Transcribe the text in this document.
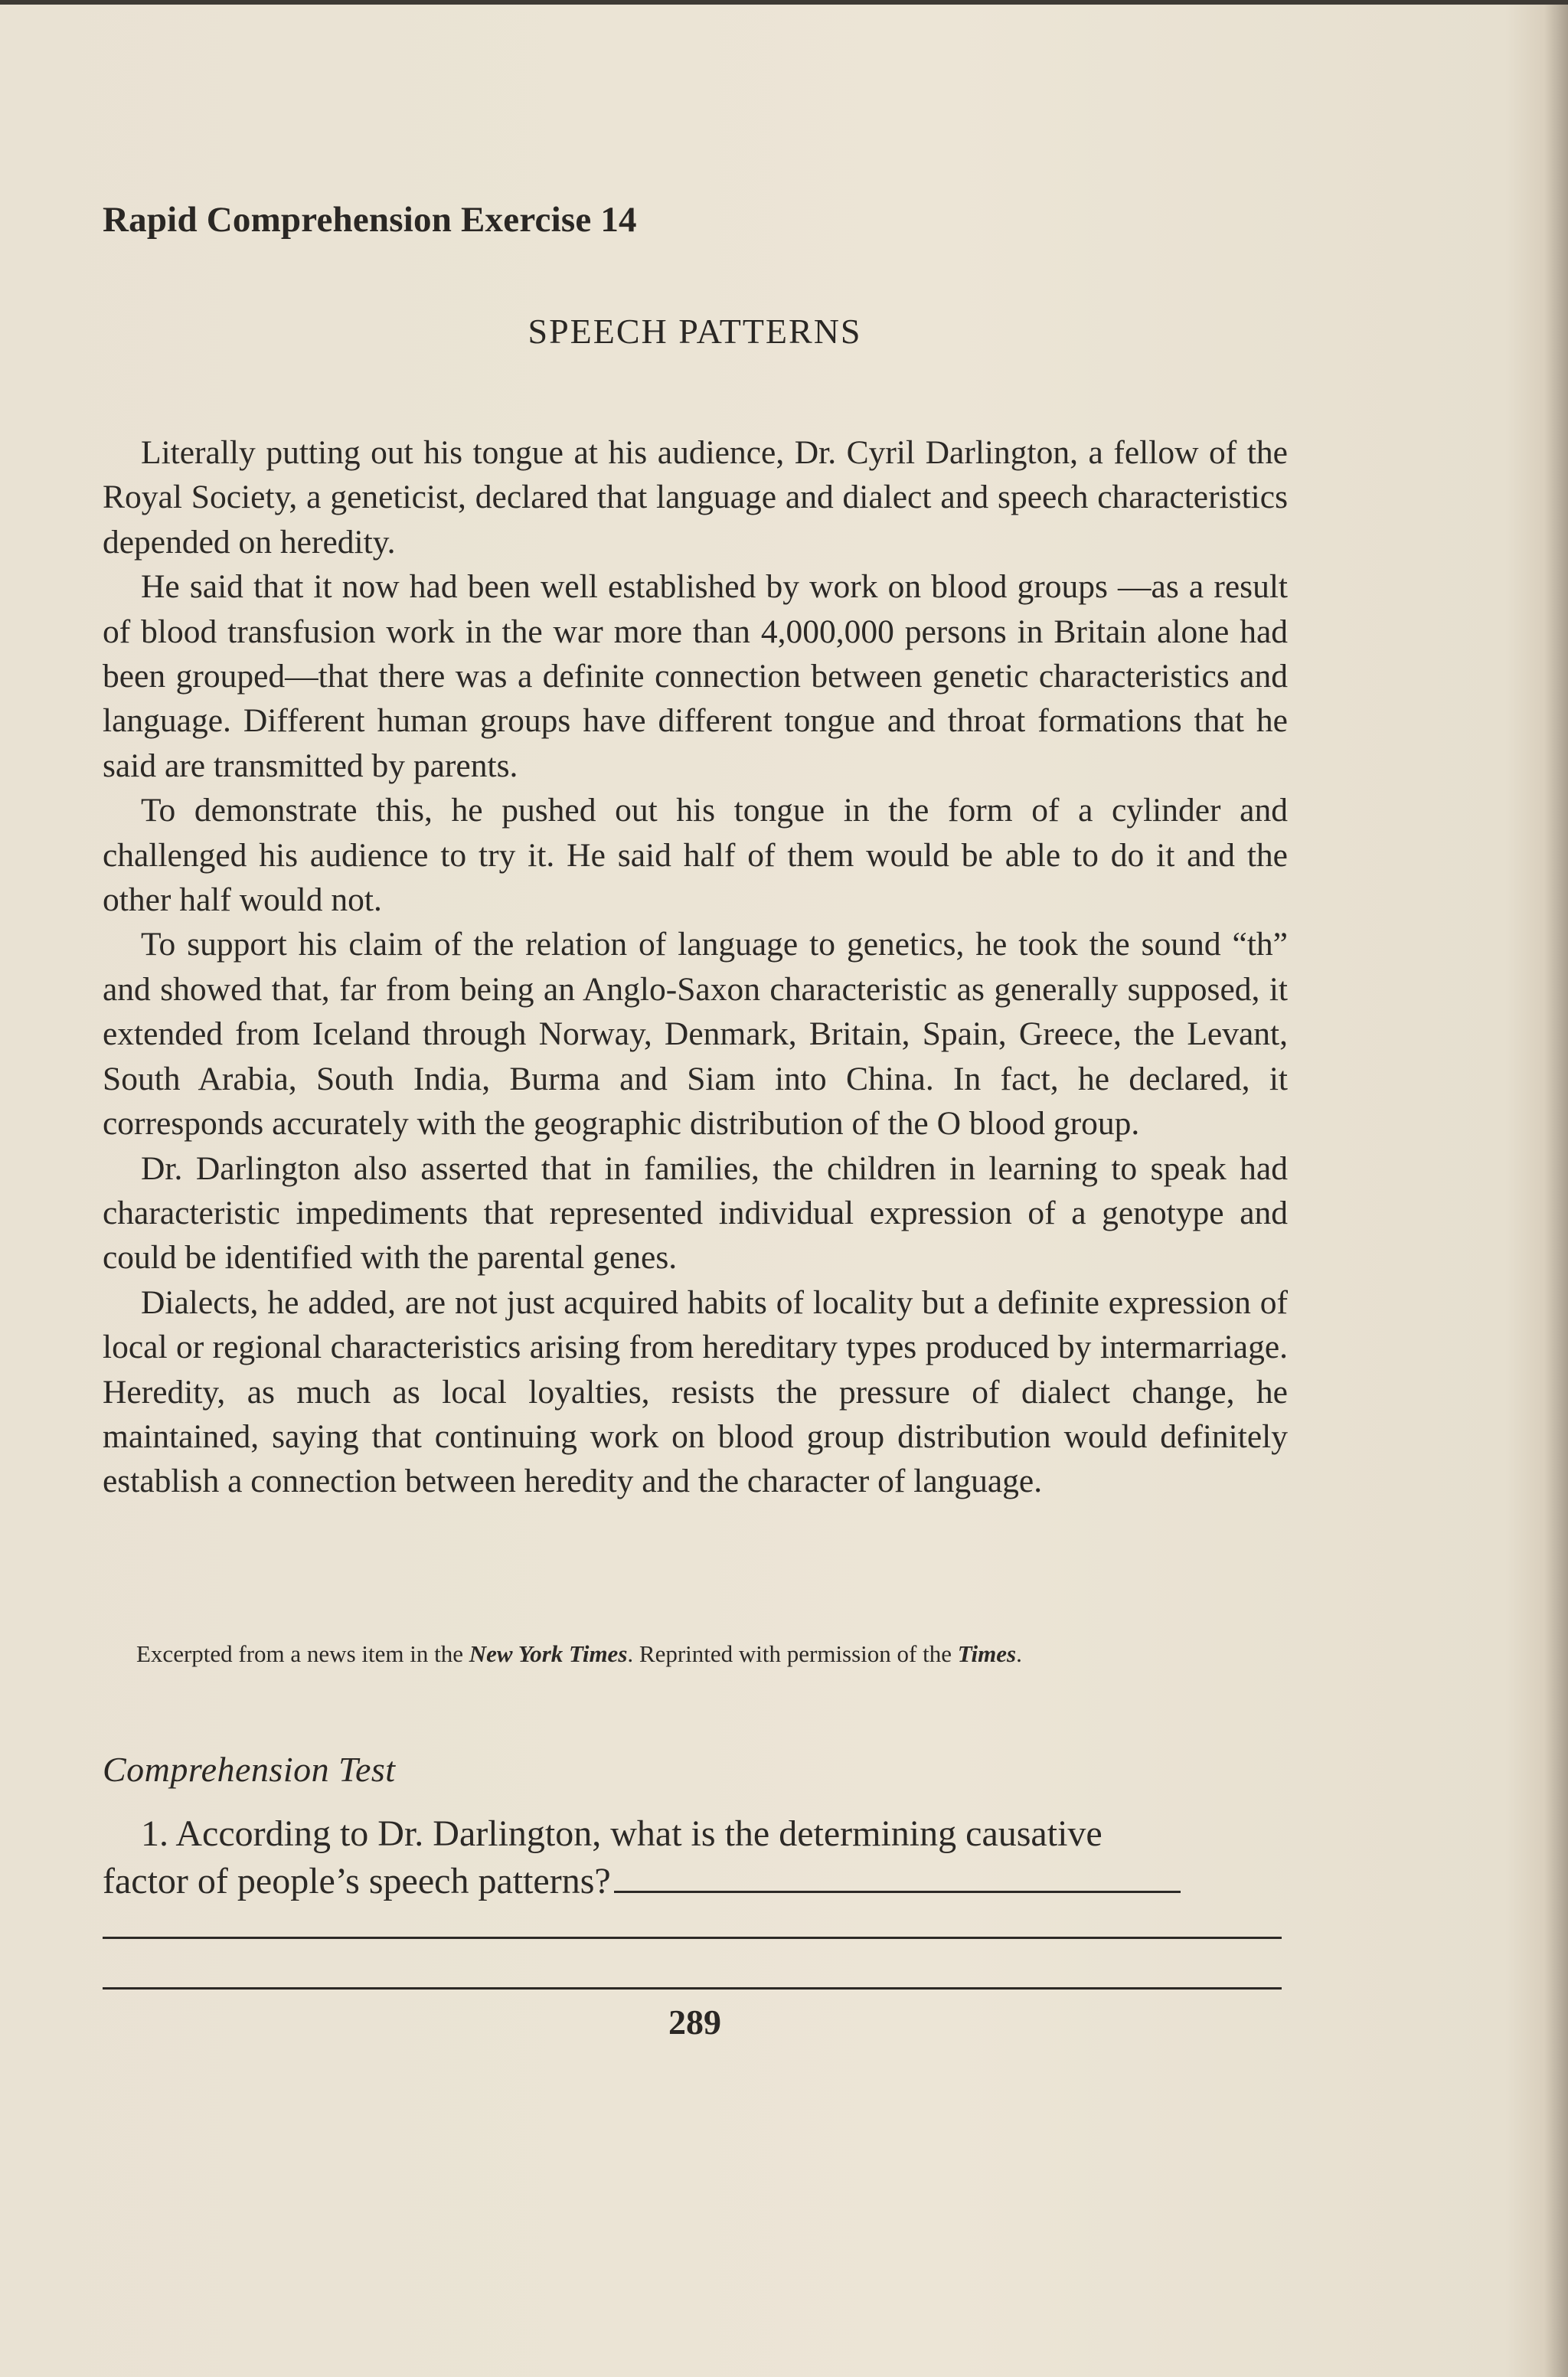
Rapid Comprehension Exercise 14
SPEECH PATTERNS

Literally putting out his tongue at his audience, Dr. Cyril Darlington, a fellow of the Royal Society, a geneticist, declared that language and dialect and speech characteristics depended on heredity.

He said that it now had been well established by work on blood groups —as a result of blood transfusion work in the war more than 4,000,000 persons in Britain alone had been grouped—that there was a definite connection between genetic characteristics and language. Different human groups have different tongue and throat formations that he said are transmitted by parents.

To demonstrate this, he pushed out his tongue in the form of a cylinder and challenged his audience to try it. He said half of them would be able to do it and the other half would not.

To support his claim of the relation of language to genetics, he took the sound “th” and showed that, far from being an Anglo-Saxon characteristic as generally supposed, it extended from Iceland through Norway, Denmark, Britain, Spain, Greece, the Levant, South Arabia, South India, Burma and Siam into China. In fact, he declared, it corresponds accurately with the geographic distribution of the O blood group.

Dr. Darlington also asserted that in families, the children in learning to speak had characteristic impediments that represented individual expression of a genotype and could be identified with the parental genes.

Dialects, he added, are not just acquired habits of locality but a definite expression of local or regional characteristics arising from hereditary types produced by intermarriage. Heredity, as much as local loyalties, resists the pressure of dialect change, he maintained, saying that continuing work on blood group distribution would definitely establish a connection between heredity and the character of language.

Excerpted from a news item in the New York Times. Reprinted with permission of the Times.

Comprehension Test
1. According to Dr. Darlington, what is the determining causative
factor of people’s speech patterns?
289
